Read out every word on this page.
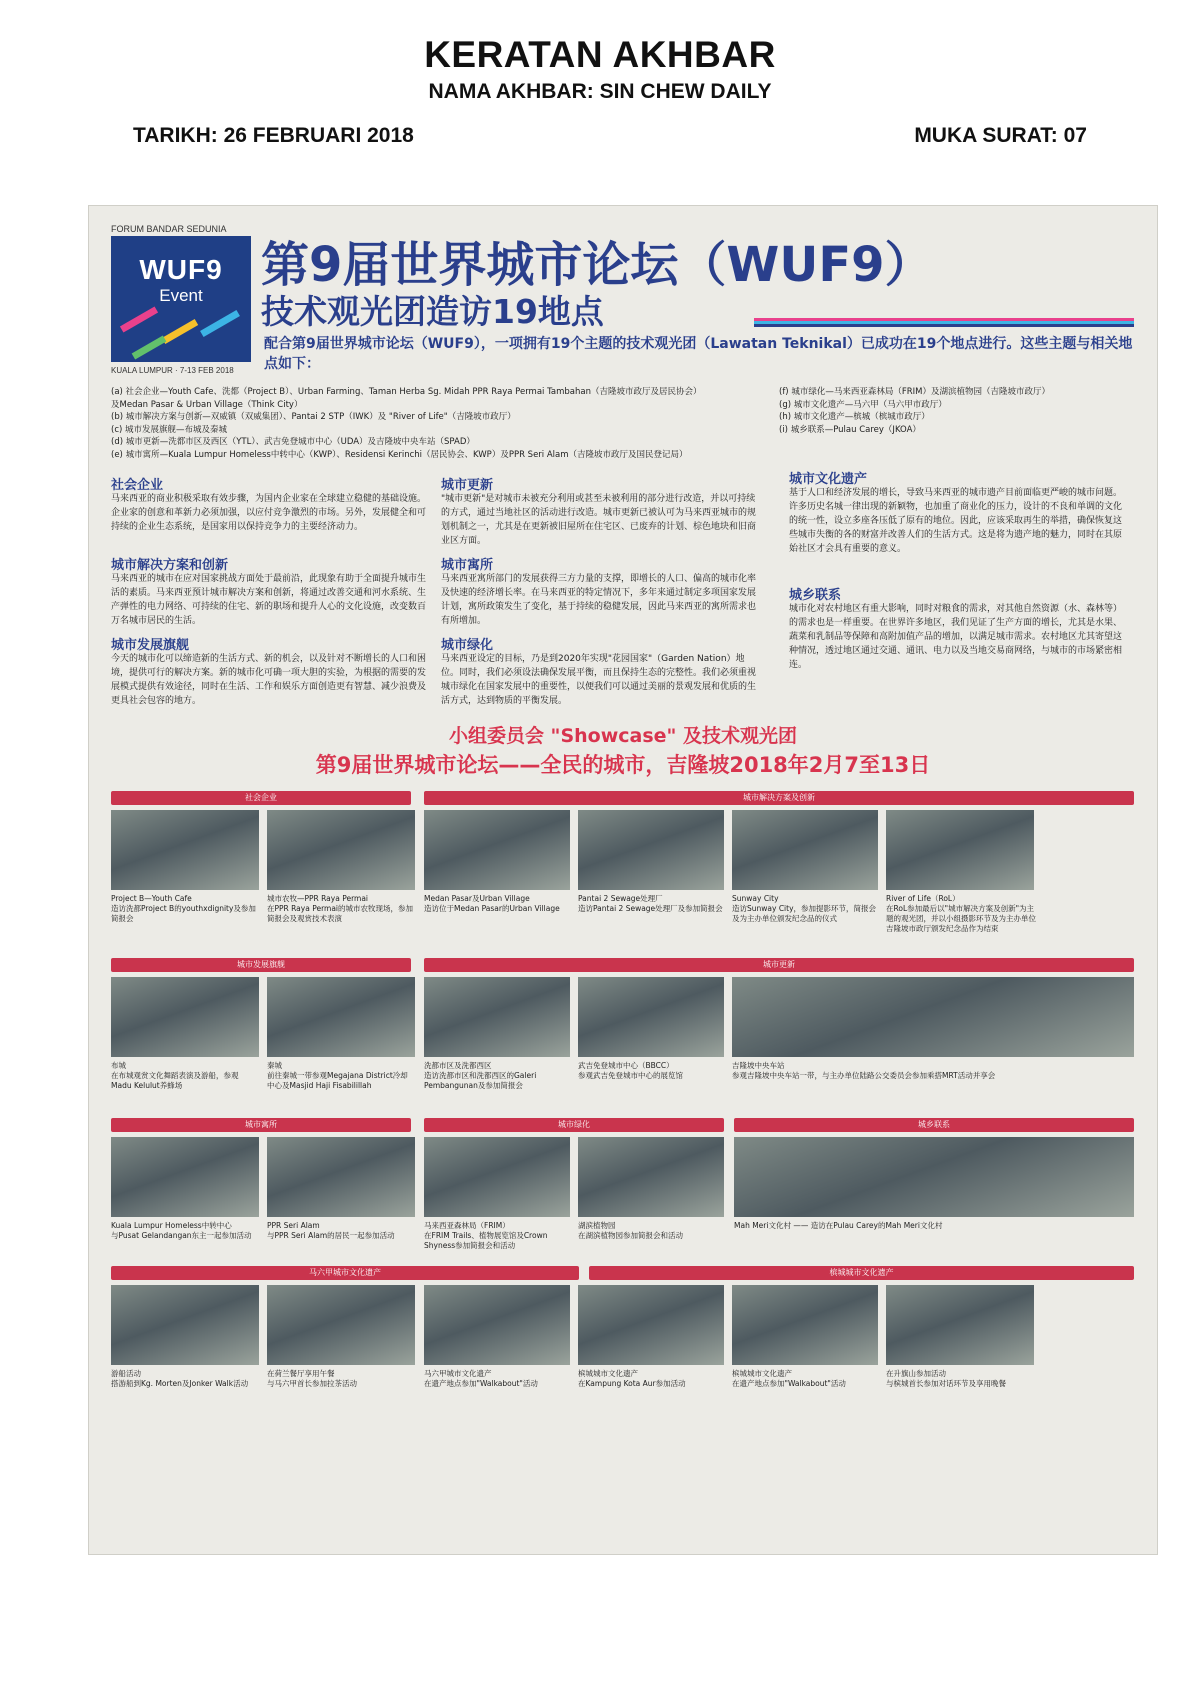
KERATAN AKHBAR
NAMA AKHBAR: SIN CHEW DAILY
TARIKH: 26 FEBRUARI 2018	MUKA SURAT: 07
FORUM BANDAR SEDUNIA
WUF9
Event
KUALA LUMPUR · 7-13 FEB 2018
第9届世界城市论坛（WUF9）
技术观光团造访19地点
配合第9届世界城市论坛（WUF9），一项拥有19个主题的技术观光团（Lawatan Teknikal）已成功在19个地点进行。这些主题与相关地点如下：
(a) 社会企业—Youth Cafe、洗都（Project B）、Urban Farming、Taman Herba Sg. Midah PPR Raya Permai Tambahan（吉隆坡市政厅及居民协会）
及Medan Pasar & Urban Village（Think City）
(b) 城市解决方案与创新—双威镇（双威集团）、Pantai 2 STP（IWK）及 "River of Life"（吉隆坡市政厅）
(c) 城市发展旗舰—布城及秦城
(d) 城市更新—洗都市区及西区（YTL）、武吉免登城市中心（UDA）及吉隆坡中央车站（SPAD）
(e) 城市寓所—Kuala Lumpur Homeless中转中心（KWP）、Residensi Kerinchi（居民协会、KWP）及PPR Seri Alam（吉隆坡市政厅及国民登记局）
(f) 城市绿化—马来西亚森林局（FRIM）及湖滨植物园（吉隆坡市政厅）
(g) 城市文化遗产—马六甲（马六甲市政厅）
(h) 城市文化遗产—槟城（槟城市政厅）
(i) 城乡联系—Pulau Carey（JKOA）
社会企业
马来西亚的商业积极采取有效步骤，为国内企业家在全球建立稳健的基础设施。企业家的创意和革新力必须加强，以应付竞争激烈的市场。另外，发展健全和可持续的企业生态系统，是国家用以保持竞争力的主要经济动力。
城市解决方案和创新
马来西亚的城市在应对国家挑战方面处于最前沿，此现象有助于全面提升城市生活的素质。马来西亚预计城市解决方案和创新，将通过改善交通和河水系统、生产弹性的电力网络、可持续的住宅、新的职场和提升人心的文化设施，改变数百万名城市居民的生活。
城市发展旗舰
今天的城市化可以缔造新的生活方式、新的机会，以及针对不断增长的人口和困境，提供可行的解决方案。新的城市化可确一项大胆的实验，为根据的需要的发展模式提供有效途径，同时在生活、工作和娱乐方面创造更有智慧、减少浪费及更具社会包容的地方。
城市更新
"城市更新"是对城市未被充分利用或甚至未被利用的部分进行改造，并以可持续的方式，通过当地社区的活动进行改造。城市更新已被认可为马来西亚城市的规划机制之一，尤其是在更新被旧屋所在住宅区、已废弃的计划、棕色地块和旧商业区方面。
城市寓所
马来西亚寓所部门的发展获得三方力量的支撑，即增长的人口、偏高的城市化率及快速的经济增长率。在马来西亚的特定情况下，多年来通过制定多项国家发展计划，寓所政策发生了变化，基于持续的稳健发展，因此马来西亚的寓所需求也有所增加。
城市绿化
马来西亚设定的目标，乃是到2020年实现"花园国家"（Garden Nation）地位。同时，我们必须设法确保发展平衡，而且保持生态的完整性。我们必须重视城市绿化在国家发展中的重要性，以便我们可以通过美丽的景观发展和优质的生活方式，达到物质的平衡发展。
城市文化遗产
基于人口和经济发展的增长，导致马来西亚的城市遗产目前面临更严峻的城市问题。许多历史名城一律出现的新颖物，也加重了商业化的压力，设计的不良和单调的文化的统一性，设立多座各压低了原有的地位。因此，应该采取再生的举措，确保恢复这些城市失衡的各的财富并改善人们的生活方式。这是将为遗产地的魅力，同时在其原始社区才会具有重要的意义。
城乡联系
城市化对农村地区有重大影响，同时对粮食的需求，对其他自然资源（水、森林等）的需求也是一样重要。在世界许多地区，我们见证了生产方面的增长，尤其是水果、蔬菜和乳制品等保障和高附加值产品的增加，以满足城市需求。农村地区尤其寄望这种情况，透过地区通过交通、通讯、电力以及当地交易商网络，与城市的市场紧密相连。
小组委员会 "Showcase" 及技术观光团
第9届世界城市论坛——全民的城市，吉隆坡2018年2月7至13日
社会企业	城市解决方案及创新
Project B—Youth Cafe
造访洗都Project B的youthxdignity及参加简报会
城市农牧—PPR Raya Permai
在PPR Raya Permai的城市农牧现场，参加简报会及观赏技术表演
Medan Pasar及Urban Village
造访位于Medan Pasar的Urban Village
Pantai 2 Sewage处理厂
造访Pantai 2 Sewage处理厂及参加简报会
Sunway City
造访Sunway City，参加提影环节，简报会及为主办单位颁发纪念品的仪式
River of Life（RoL）
在RoL参加最后以"城市解决方案及创新"为主题的观光团，并以小组摄影环节及为主办单位吉隆坡市政厅颁发纪念品作为结束
城市发展旗舰	城市更新
布城
在布城观赏文化舞蹈表演及游船，参观Madu Kelulut养蜂场
秦城
前往秦城一带参观Megajana District冷却中心及Masjid Haji Fisabilillah
洗都市区及洗都西区
造访洗都市区和洗都西区的Galeri Pembangunan及参加简报会
武吉免登城市中心（BBCC）
参观武吉免登城市中心的展览馆
吉隆坡中央车站
参观吉隆坡中央车站一带，与主办单位陆路公交委员会参加乘搭MRT活动并享会
城市寓所	城市绿化	城乡联系
Kuala Lumpur Homeless中转中心
与Pusat Gelandangan东主一起参加活动
PPR Seri Alam
与PPR Seri Alam的居民一起参加活动
马来西亚森林局（FRIM）
在FRIM Trails、植物展览馆及Crown Shyness参加简报会和活动
湖滨植物园
在湖滨植物园参加简报会和活动
Mah Meri文化村 —— 造访在Pulau Carey的Mah Meri文化村
马六甲城市文化遗产	槟城城市文化遗产
游船活动
搭游船到Kg. Morten及Jonker Walk活动
在荷兰餐厅享用午餐
与马六甲首长参加拉茶活动
马六甲城市文化遗产
在遗产地点参加"Walkabout"活动
槟城城市文化遗产
在Kampung Kota Aur参加活动
槟城城市文化遗产
在遗产地点参加"Walkabout"活动
在升旗山参加活动
与槟城首长参加对话环节及享用晚餐
